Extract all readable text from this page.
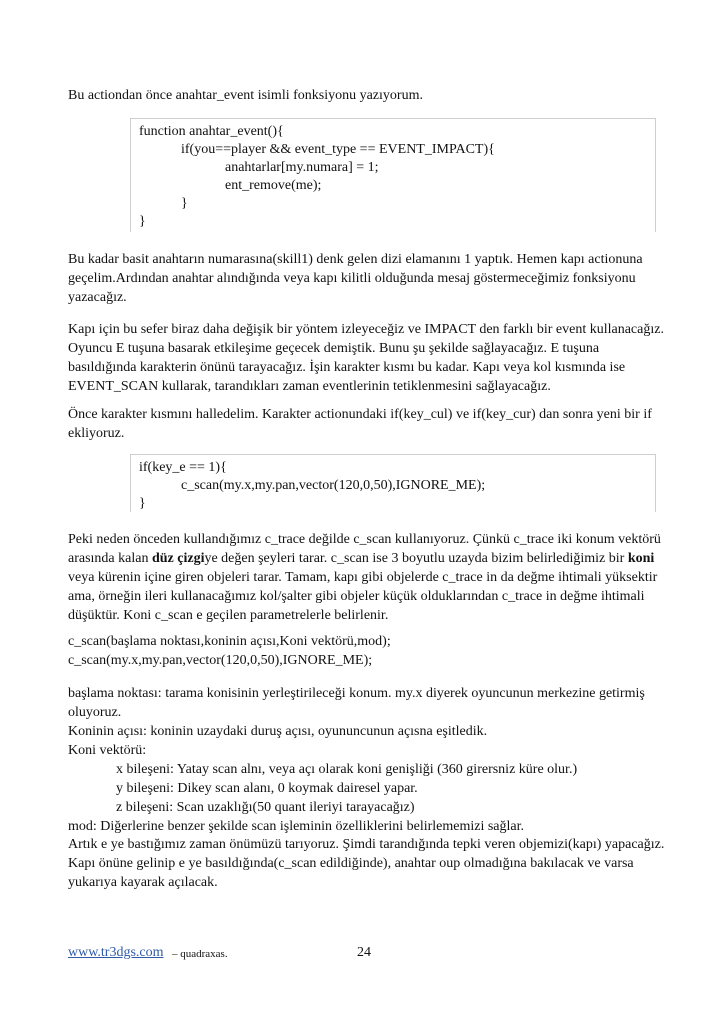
Bu actiondan önce anahtar_event isimli fonksiyonu yazıyorum.

function anahtar_event(){
if(you==player && event_type == EVENT_IMPACT){
anahtarlar[my.numara] = 1;
ent_remove(me);
}
}

Bu kadar basit anahtarın numarasına(skill1) denk gelen dizi elamanını 1 yaptık. Hemen kapı actionuna geçelim.Ardından anahtar alındığında veya kapı kilitli olduğunda mesaj göstermeceğimiz fonksiyonu yazacağız.

Kapı için bu sefer biraz daha değişik bir yöntem izleyeceğiz ve IMPACT den farklı bir event kullanacağız. Oyuncu E tuşuna basarak etkileşime geçecek demiştik. Bunu şu şekilde sağlayacağız. E tuşuna basıldığında karakterin önünü tarayacağız. İşin karakter kısmı bu kadar. Kapı veya kol kısmında ise EVENT_SCAN kullarak, tarandıkları zaman eventlerinin tetiklenmesini sağlayacağız.

Önce karakter kısmını halledelim. Karakter actionundaki if(key_cul) ve if(key_cur) dan sonra yeni bir if ekliyoruz.

if(key_e == 1){
c_scan(my.x,my.pan,vector(120,0,50),IGNORE_ME);
}

Peki neden önceden kullandığımız c_trace değilde c_scan kullanıyoruz. Çünkü c_trace iki konum vektörü arasında kalan düz çizgiye değen şeyleri tarar. c_scan ise 3 boyutlu uzayda bizim belirlediğimiz bir koni veya kürenin içine giren objeleri tarar. Tamam, kapı gibi objelerde c_trace in da değme ihtimali yüksektir ama, örneğin ileri kullanacağımız kol/şalter gibi objeler küçük olduklarından c_trace in değme ihtimali düşüktür. Koni c_scan e geçilen parametrelerle belirlenir.

c_scan(başlama noktası,koninin açısı,Koni vektörü,mod);
c_scan(my.x,my.pan,vector(120,0,50),IGNORE_ME);

başlama noktası: tarama konisinin yerleştirileceği konum. my.x diyerek oyuncunun merkezine getirmiş oluyoruz.
Koninin açısı: koninin uzaydaki duruş açısı, oyununcunun açısna eşitledik.
Koni vektörü:
x bileşeni: Yatay scan alnı, veya açı olarak koni genişliği (360 girersniz küre olur.)
y bileşeni: Dikey scan alanı, 0 koymak dairesel yapar.
z bileşeni: Scan uzaklığı(50 quant ileriyi tarayacağız)
mod: Diğerlerine benzer şekilde scan işleminin özelliklerini belirlememizi sağlar.

Artık e ye bastığımız zaman önümüzü tarıyoruz. Şimdi tarandığında tepki veren objemizi(kapı) yapacağız. Kapı önüne gelinip e ye basıldığında(c_scan edildiğinde), anahtar oup olmadığına bakılacak ve varsa yukarıya kayarak açılacak.

www.tr3dgs.com – quadraxas.	24
